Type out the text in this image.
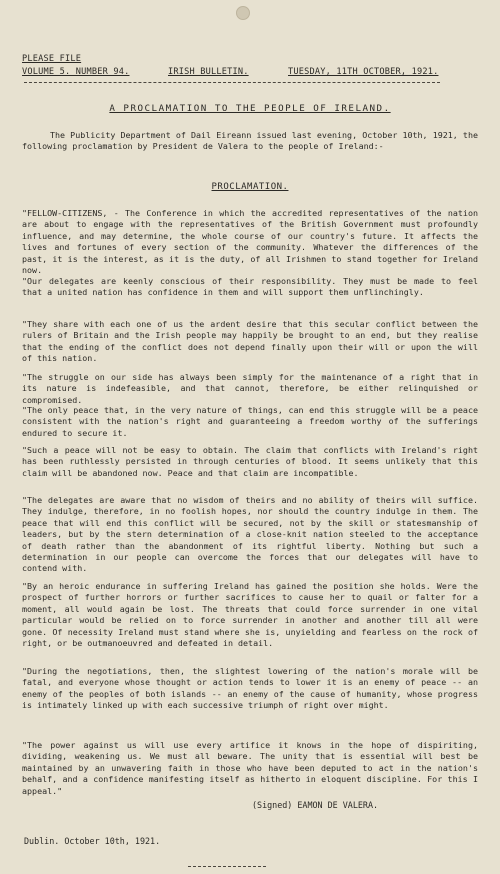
PLEASE FILE
VOLUME 5. NUMBER 94.	IRISH BULLETIN.	TUESDAY, 11TH OCTOBER, 1921.
A PROCLAMATION TO THE PEOPLE OF IRELAND.
The Publicity Department of Dail Eireann issued last evening, October 10th, 1921, the following proclamation by President de Valera to the people of Ireland:-
PROCLAMATION.
"FELLOW-CITIZENS, - The Conference in which the accredited representatives of the nation are about to engage with the representatives of the British Government must profoundly influence, and may determine, the whole course of our country's future. It affects the lives and fortunes of every section of the community. Whatever the differences of the past, it is the interest, as it is the duty, of all Irishmen to stand together for Ireland now.
"Our delegates are keenly conscious of their responsibility. They must be made to feel that a united nation has confidence in them and will support them unflinchingly.
"They share with each one of us the ardent desire that this secular conflict between the rulers of Britain and the Irish people may happily be brought to an end, but they realise that the ending of the conflict does not depend finally upon their will or upon the will of this nation.
"The struggle on our side has always been simply for the maintenance of a right that in its nature is indefeasible, and that cannot, therefore, be either relinquished or compromised.
"The only peace that, in the very nature of things, can end this struggle will be a peace consistent with the nation's right and guaranteeing a freedom worthy of the sufferings endured to secure it.
"Such a peace will not be easy to obtain. The claim that conflicts with Ireland's right has been ruthlessly persisted in through centuries of blood. It seems unlikely that this claim will be abandoned now. Peace and that claim are incompatible.
"The delegates are aware that no wisdom of theirs and no ability of theirs will suffice. They indulge, therefore, in no foolish hopes, nor should the country indulge in them. The peace that will end this conflict will be secured, not by the skill or statesmanship of leaders, but by the stern determination of a close-knit nation steeled to the acceptance of death rather than the abandonment of its rightful liberty. Nothing but such a determination in our people can overcome the forces that our delegates will have to contend with.
"By an heroic endurance in suffering Ireland has gained the position she holds. Were the prospect of further horrors or further sacrifices to cause her to quail or falter for a moment, all would again be lost. The threats that could force surrender in one vital particular would be relied on to force surrender in another and another till all were gone. Of necessity Ireland must stand where she is, unyielding and fearless on the rock of right, or be outmanoeuvred and defeated in detail.
"During the negotiations, then, the slightest lowering of the nation's morale will be fatal, and everyone whose thought or action tends to lower it is an enemy of peace -- an enemy of the peoples of both islands -- an enemy of the cause of humanity, whose progress is intimately linked up with each successive triumph of right over might.
"The power against us will use every artifice it knows in the hope of dispiriting, dividing, weakening us. We must all beware. The unity that is essential will best be maintained by an unwavering faith in those who have been deputed to act in the nation's behalf, and a confidence manifesting itself as hitherto in eloquent discipline. For this I appeal."
(Signed) EAMON DE VALERA.
Dublin. October 10th, 1921.
